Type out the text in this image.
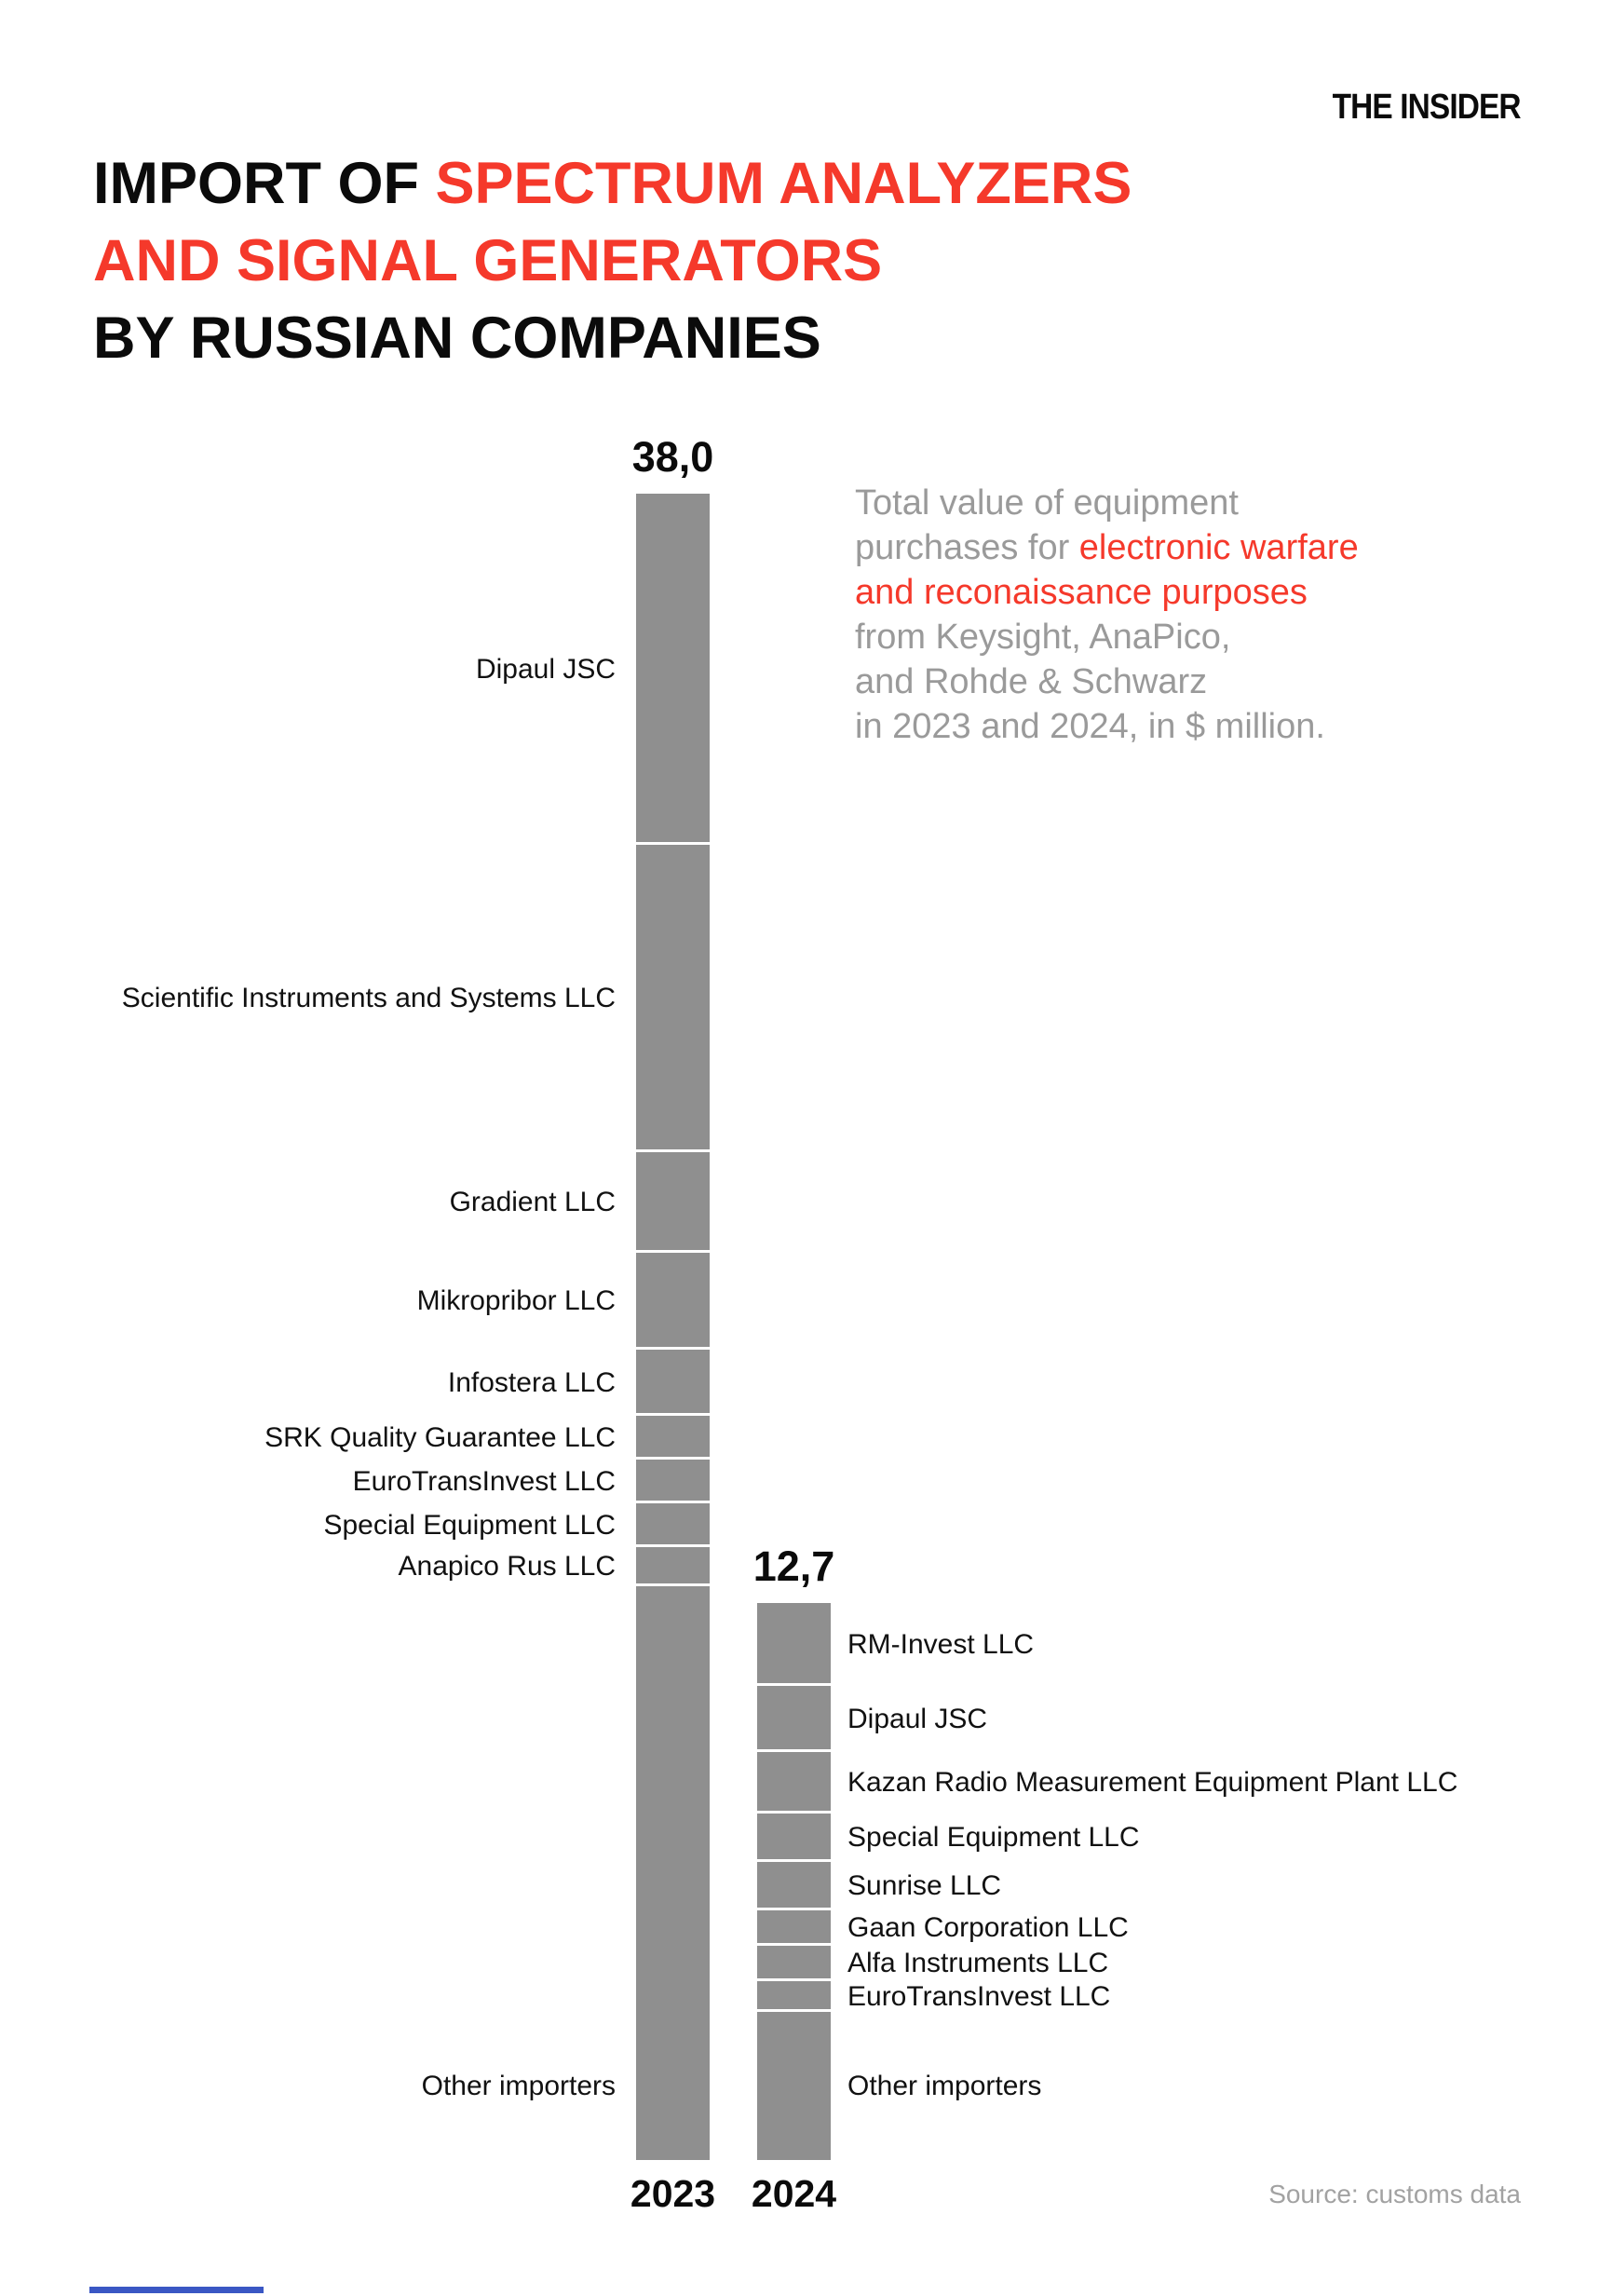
THE INSIDER
IMPORT OF SPECTRUM ANALYZERS
AND SIGNAL GENERATORS
BY RUSSIAN COMPANIES
Total value of equipment
purchases for electronic warfare
and reconaissance purposes
from Keysight, AnaPico,
and Rohde & Schwarz
in 2023 and 2024, in $ million.
38,0
2023
Dipaul JSC
Scientific Instruments and Systems LLC
Gradient LLC
Mikropribor LLC
Infostera LLC
SRK Quality Guarantee LLC
EuroTransInvest LLC
Special Equipment LLC
Anapico Rus LLC
Other importers
12,7
2024
RM-Invest LLC
Dipaul JSC
Kazan Radio Measurement Equipment Plant LLC
Special Equipment LLC
Sunrise LLC
Gaan Corporation LLC
Alfa Instruments LLC
EuroTransInvest LLC
Other importers
Source: customs data
